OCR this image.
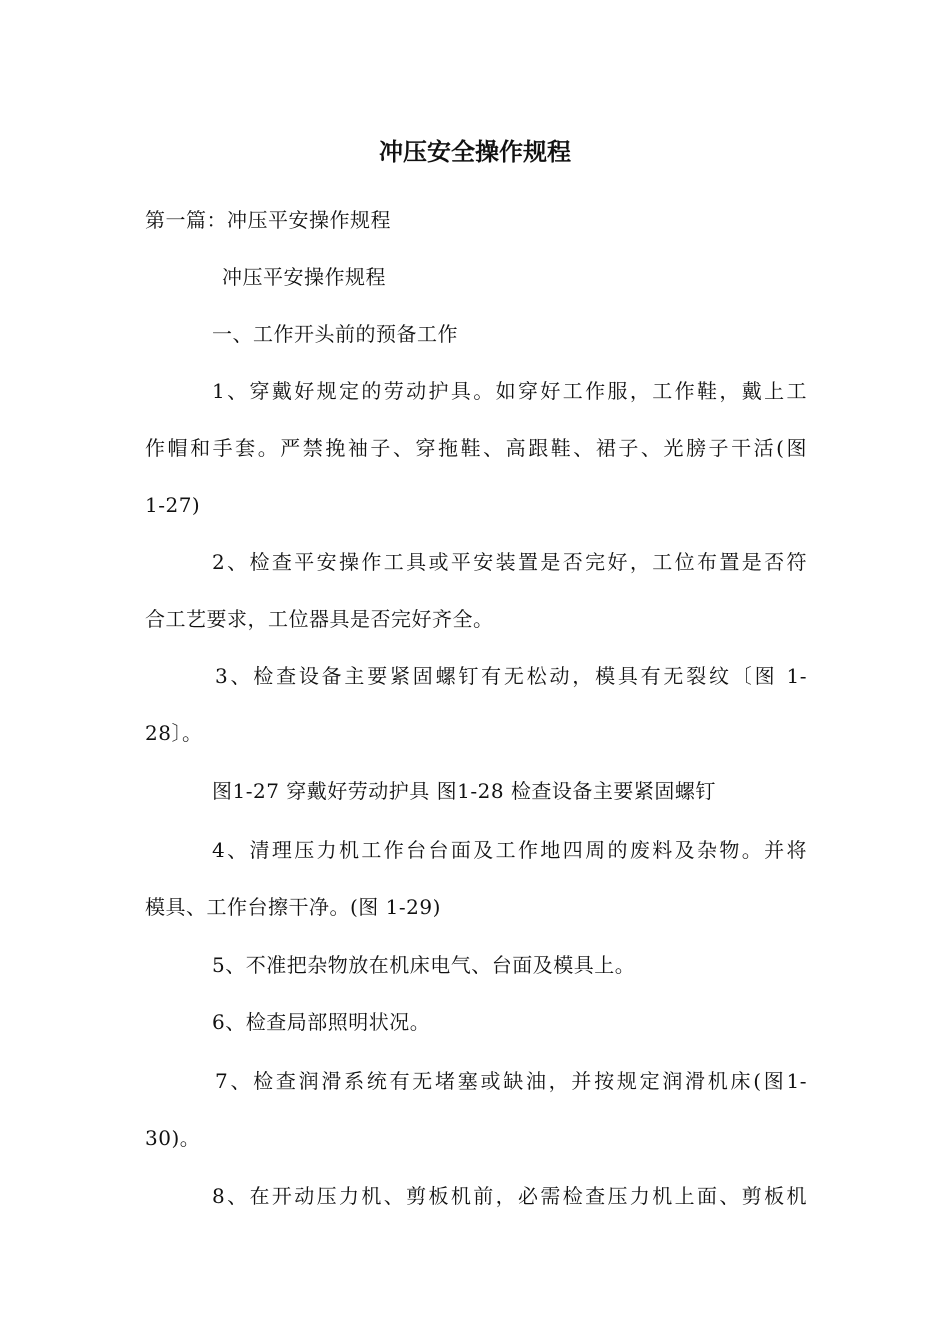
冲压安全操作规程
第一篇：冲压平安操作规程
冲压平安操作规程
一、工作开头前的预备工作
1、穿戴好规定的劳动护具。如穿好工作服，工作鞋，戴上工
作帽和手套。严禁挽袖子、穿拖鞋、高跟鞋、裙子、光膀子干活(图
1-27)
2、检查平安操作工具或平安装置是否完好，工位布置是否符
合工艺要求，工位器具是否完好齐全。
3、检查设备主要紧固螺钉有无松动，模具有无裂纹〔图 1-
28〕。
图1-27 穿戴好劳动护具 图1-28 检查设备主要紧固螺钉
4、清理压力机工作台台面及工作地四周的废料及杂物。并将
模具、工作台擦干净。(图 1-29)
5、不准把杂物放在机床电气、台面及模具上。
6、检查局部照明状况。
7、检查润滑系统有无堵塞或缺油，并按规定润滑机床(图1-
30)。
8、在开动压力机、剪板机前，必需检查压力机上面、剪板机
